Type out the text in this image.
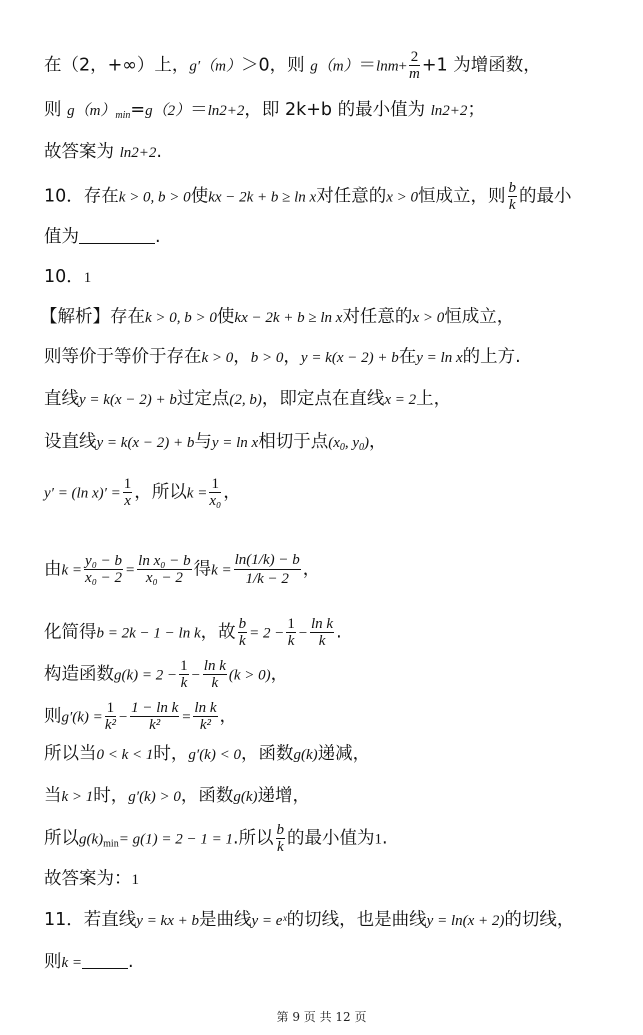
在（2，+∞）上，g′（m）＞0，则 $g(m)=\ln m+ \frac{2}{m} +1$ 为增函数，
则 $g(m)_{min}=g(2)=\ln 2+2$，即 2k+b 的最小值为 ln2+2；
故答案为 ln2+2.
10．存在k > 0, b > 0使kx − 2k + b ≥ ln x对任意的x > 0恒成立，则 $\frac{b}{k}$ 的最小
值为	.
10．1
【解析】存在k > 0, b > 0使kx − 2k + b ≥ ln x对任意的x > 0恒成立，
则等价于等价于存在k > 0，b > 0，y = k(x − 2) + b在y = ln x的上方.
直线y = k(x − 2) + b过定点(2, b)，即定点在直线x = 2上，
设直线y = k(x − 2) + b与y = ln x相切于点($x_0$, $y_0$)，
y′ = (ln $x)' = \frac{1}{x}$ ，所以$k = \frac{1}{\text{x₀}}$ ，
由$k = \frac{\text{y₀ − b}}{\text{x₀ − 2}} = \frac{\text{ln x₀ − b}}{\text{x₀ − 2}}$ 得$k = \frac{\ln(1/k) - b}{1/k - 2}$ ，
化简得b = 2k − 1 − ln k，故 $\frac{b}{k} = 2 - \frac{1}{k} - \frac{\text{ln k}}{k}$ .
构造函数$g(k) = 2 - \frac{1}{k} - \frac{\text{ln k}}{k} (k > 0)$，
则$g'(k) = \frac{1}{\text{k²}} - \frac{\text{1 − ln k}}{\text{k²}} = \frac{\text{ln k}}{\text{k²}}$ ，
所以当0 < k < 1时，g′(k) < 0，函数g(k)递减，
当k > 1时，g′(k) > 0，函数g(k)递增，
所以$g(k)_{min}= g(1) = 2 - 1 = 1$.所以 $\frac{b}{k}$ 的最小值为1.
故答案为：1
11．若直线y = kx + b是曲线y = eˣ的切线，也是曲线y = ln(x + 2)的切线，
则k =	.
第 9 页 共 12 页
